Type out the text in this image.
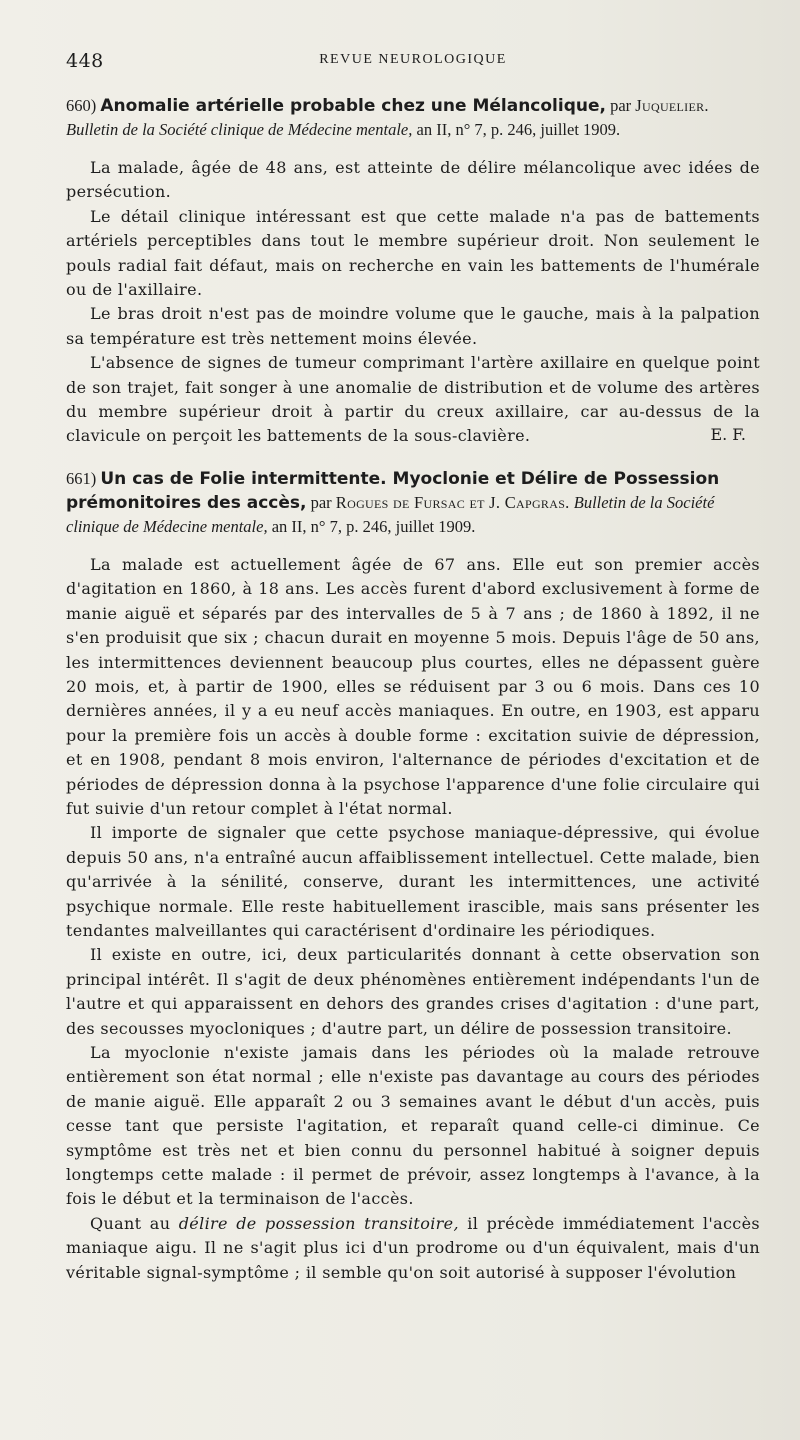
448	REVUE NEUROLOGIQUE

660) Anomalie artérielle probable chez une Mélancolique, par Juquelier. Bulletin de la Société clinique de Médecine mentale, an II, n° 7, p. 246, juillet 1909.

La malade, âgée de 48 ans, est atteinte de délire mélancolique avec idées de persécution.

Le détail clinique intéressant est que cette malade n'a pas de battements artériels perceptibles dans tout le membre supérieur droit. Non seulement le pouls radial fait défaut, mais on recherche en vain les battements de l'humérale ou de l'axillaire.

Le bras droit n'est pas de moindre volume que le gauche, mais à la palpation sa température est très nettement moins élevée.

L'absence de signes de tumeur comprimant l'artère axillaire en quelque point de son trajet, fait songer à une anomalie de distribution et de volume des artères du membre supérieur droit à partir du creux axillaire, car au-dessus de la clavicule on perçoit les battements de la sous-clavière.	E. F.

661) Un cas de Folie intermittente. Myoclonie et Délire de Possession prémonitoires des accès, par Rogues de Fursac et J. Capgras. Bulletin de la Société clinique de Médecine mentale, an II, n° 7, p. 246, juillet 1909.

La malade est actuellement âgée de 67 ans. Elle eut son premier accès d'agitation en 1860, à 18 ans. Les accès furent d'abord exclusivement à forme de manie aiguë et séparés par des intervalles de 5 à 7 ans ; de 1860 à 1892, il ne s'en produisit que six ; chacun durait en moyenne 5 mois. Depuis l'âge de 50 ans, les intermittences deviennent beaucoup plus courtes, elles ne dépassent guère 20 mois, et, à partir de 1900, elles se réduisent par 3 ou 6 mois. Dans ces 10 dernières années, il y a eu neuf accès maniaques. En outre, en 1903, est apparu pour la première fois un accès à double forme : excitation suivie de dépression, et en 1908, pendant 8 mois environ, l'alternance de périodes d'excitation et de périodes de dépression donna à la psychose l'apparence d'une folie circulaire qui fut suivie d'un retour complet à l'état normal.

Il importe de signaler que cette psychose maniaque-dépressive, qui évolue depuis 50 ans, n'a entraîné aucun affaiblissement intellectuel. Cette malade, bien qu'arrivée à la sénilité, conserve, durant les intermittences, une activité psychique normale. Elle reste habituellement irascible, mais sans présenter les tendantes malveillantes qui caractérisent d'ordinaire les périodiques.

Il existe en outre, ici, deux particularités donnant à cette observation son principal intérêt. Il s'agit de deux phénomènes entièrement indépendants l'un de l'autre et qui apparaissent en dehors des grandes crises d'agitation : d'une part, des secousses myocloniques ; d'autre part, un délire de possession transitoire.

La myoclonie n'existe jamais dans les périodes où la malade retrouve entièrement son état normal ; elle n'existe pas davantage au cours des périodes de manie aiguë. Elle apparaît 2 ou 3 semaines avant le début d'un accès, puis cesse tant que persiste l'agitation, et reparaît quand celle-ci diminue. Ce symptôme est très net et bien connu du personnel habitué à soigner depuis longtemps cette malade : il permet de prévoir, assez longtemps à l'avance, à la fois le début et la terminaison de l'accès.

Quant au délire de possession transitoire, il précède immédiatement l'accès maniaque aigu. Il ne s'agit plus ici d'un prodrome ou d'un équivalent, mais d'un véritable signal-symptôme ; il semble qu'on soit autorisé à supposer l'évolution
